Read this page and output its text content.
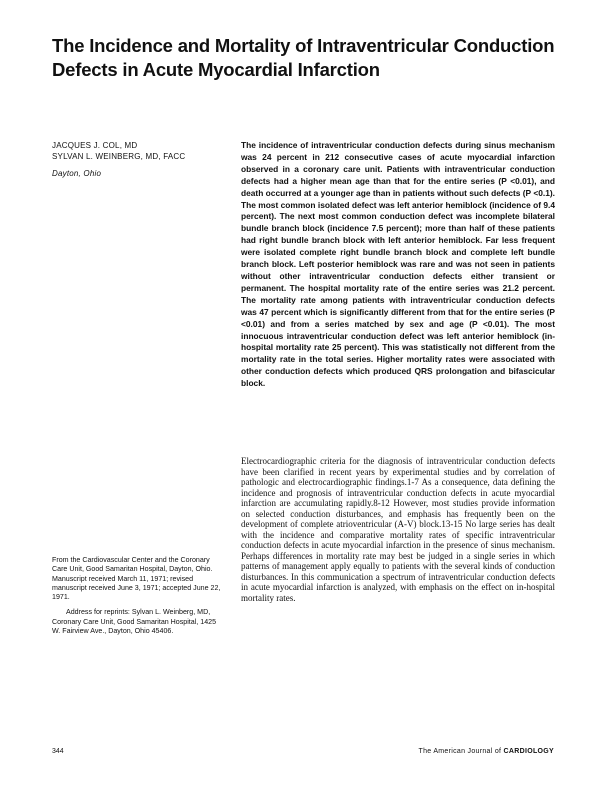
The Incidence and Mortality of Intraventricular Conduction Defects in Acute Myocardial Infarction
JACQUES J. COL, MD
SYLVAN L. WEINBERG, MD, FACC
Dayton, Ohio

The incidence of intraventricular conduction defects during sinus mechanism was 24 percent in 212 consecutive cases of acute myocardial infarction observed in a coronary care unit. Patients with intraventricular conduction defects had a higher mean age than that for the entire series (P <0.01), and death occurred at a younger age than in patients without such defects (P <0.1). The most common isolated defect was left anterior hemiblock (incidence of 9.4 percent). The next most common conduction defect was incomplete bilateral bundle branch block (incidence 7.5 percent); more than half of these patients had right bundle branch block with left anterior hemiblock. Far less frequent were isolated complete right bundle branch block and complete left bundle branch block. Left posterior hemiblock was rare and was not seen in patients without other intraventricular conduction defects either transient or permanent. The hospital mortality rate of the entire series was 21.2 percent. The mortality rate among patients with intraventricular conduction defects was 47 percent which is significantly different from that for the entire series (P <0.01) and from a series matched by sex and age (P <0.01). The most innocuous intraventricular conduction defect was left anterior hemiblock (in-hospital mortality rate 25 percent). This was statistically not different from the mortality rate in the total series. Higher mortality rates were associated with other conduction defects which produced QRS prolongation and bifascicular block.

Electrocardiographic criteria for the diagnosis of intraventricular conduction defects have been clarified in recent years by experimental studies and by correlation of pathologic and electrocardiographic findings.1-7 As a consequence, data defining the incidence and prognosis of intraventricular conduction defects in acute myocardial infarction are accumulating rapidly.8-12 However, most studies provide information on selected conduction disturbances, and emphasis has frequently been on the development of complete atrioventricular (A-V) block.13-15 No large series has dealt with the incidence and comparative mortality rates of specific intraventricular conduction defects in acute myocardial infarction in the presence of sinus mechanism. Perhaps differences in mortality rate may best be judged in a single series in which patterns of management apply equally to patients with the several kinds of conduction disturbances. In this communication a spectrum of intraventricular conduction defects in acute myocardial infarction is analyzed, with emphasis on the effect on in-hospital mortality rates.

From the Cardiovascular Center and the Coronary Care Unit, Good Samaritan Hospital, Dayton, Ohio. Manuscript received March 11, 1971; revised manuscript received June 3, 1971; accepted June 22, 1971.

Address for reprints: Sylvan L. Weinberg, MD, Coronary Care Unit, Good Samaritan Hospital, 1425 W. Fairview Ave., Dayton, Ohio 45406.

344	The American Journal of CARDIOLOGY
